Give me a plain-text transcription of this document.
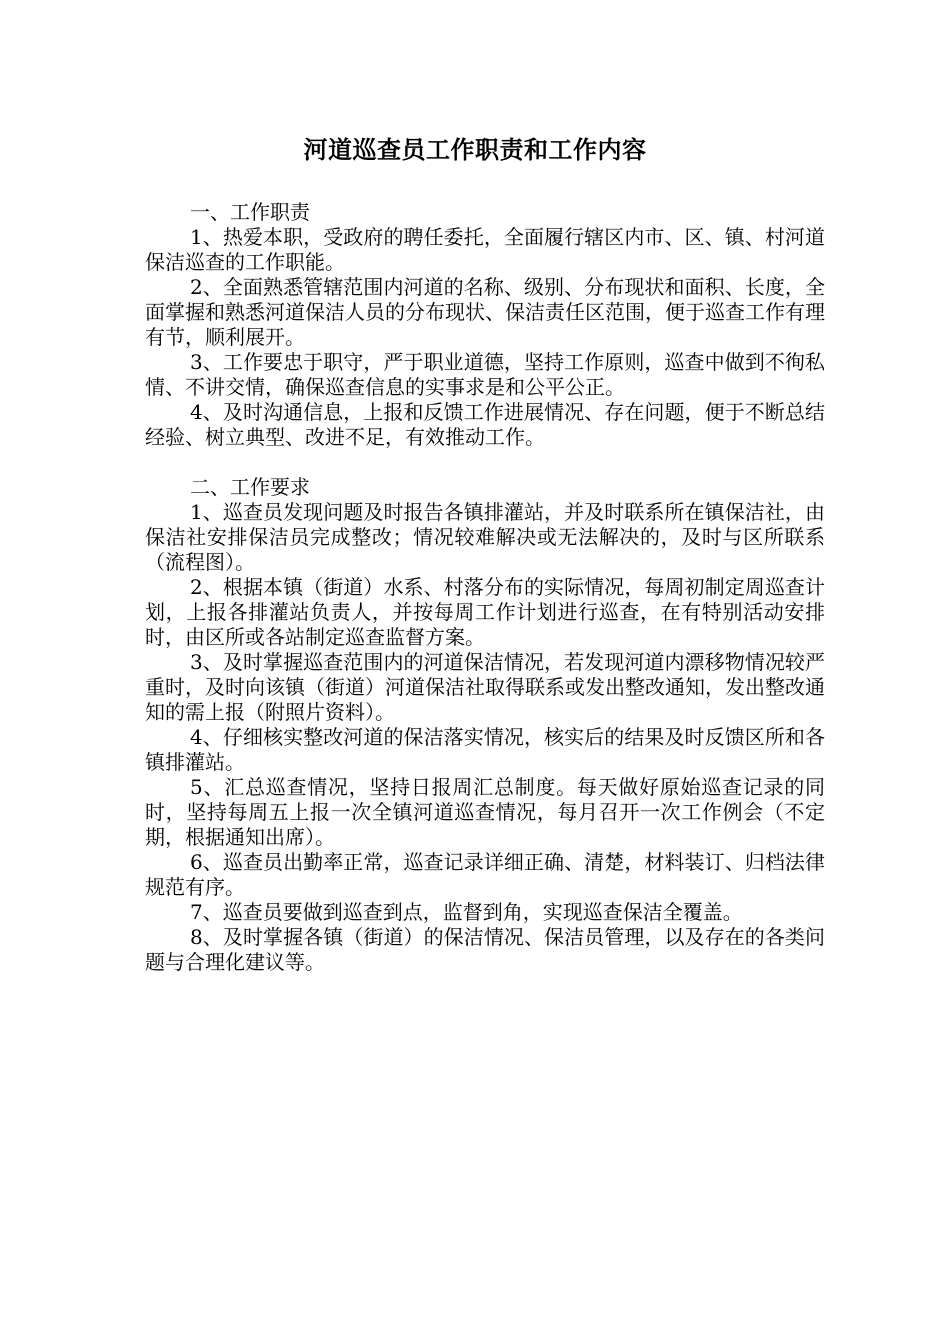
河道巡查员工作职责和工作内容

一、工作职责

1、热爱本职，受政府的聘任委托，全面履行辖区内市、区、镇、村河道保洁巡查的工作职能。

2、全面熟悉管辖范围内河道的名称、级别、分布现状和面积、长度，全面掌握和熟悉河道保洁人员的分布现状、保洁责任区范围，便于巡查工作有理有节，顺利展开。

3、工作要忠于职守，严于职业道德，坚持工作原则，巡查中做到不徇私情、不讲交情，确保巡查信息的实事求是和公平公正。

4、及时沟通信息，上报和反馈工作进展情况、存在问题，便于不断总结经验、树立典型、改进不足，有效推动工作。

二、工作要求

1、巡查员发现问题及时报告各镇排灌站，并及时联系所在镇保洁社，由保洁社安排保洁员完成整改；情况较难解决或无法解决的，及时与区所联系（流程图）。

2、根据本镇（街道）水系、村落分布的实际情况，每周初制定周巡查计划，上报各排灌站负责人，并按每周工作计划进行巡查，在有特别活动安排时，由区所或各站制定巡查监督方案。

3、及时掌握巡查范围内的河道保洁情况，若发现河道内漂移物情况较严重时，及时向该镇（街道）河道保洁社取得联系或发出整改通知，发出整改通知的需上报（附照片资料）。

4、仔细核实整改河道的保洁落实情况，核实后的结果及时反馈区所和各镇排灌站。

5、汇总巡查情况，坚持日报周汇总制度。每天做好原始巡查记录的同时，坚持每周五上报一次全镇河道巡查情况，每月召开一次工作例会（不定期，根据通知出席）。

6、巡查员出勤率正常，巡查记录详细正确、清楚，材料装订、归档法律规范有序。

7、巡查员要做到巡查到点，监督到角，实现巡查保洁全覆盖。

8、及时掌握各镇（街道）的保洁情况、保洁员管理，以及存在的各类问题与合理化建议等。
